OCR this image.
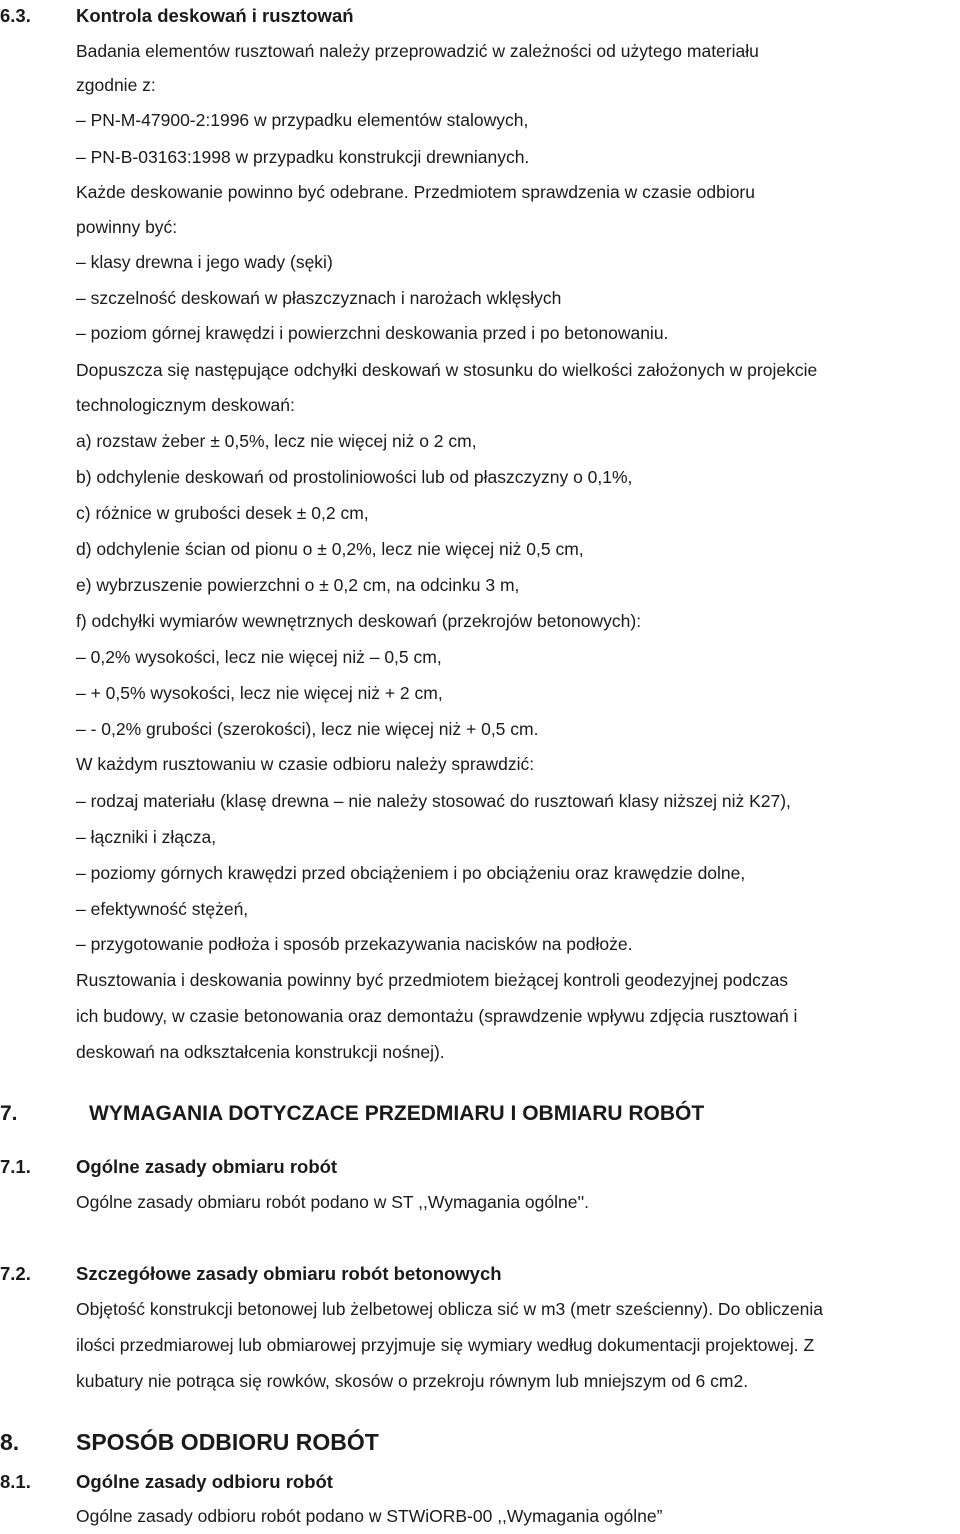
6.3. Kontrola deskowań i rusztowań
Badania elementów rusztowań należy przeprowadzić w zależności od użytego materiału
zgodnie z:
– PN-M-47900-2:1996 w przypadku elementów stalowych,
– PN-B-03163:1998 w przypadku konstrukcji drewnianych.
Każde deskowanie powinno być odebrane. Przedmiotem sprawdzenia w czasie odbioru
powinny być:
– klasy drewna i jego wady (sęki)
– szczelność deskowań w płaszczyznach i narożach wklęsłych
– poziom górnej krawędzi i powierzchni deskowania przed i po betonowaniu.
Dopuszcza się następujące odchyłki deskowań w stosunku do wielkości założonych w projekcie
technologicznym deskowań:
a) rozstaw żeber ± 0,5%, lecz nie więcej niż o 2 cm,
b) odchylenie deskowań od prostoliniowości lub od płaszczyzny o 0,1%,
c) różnice w grubości desek ± 0,2 cm,
d) odchylenie ścian od pionu o ± 0,2%, lecz nie więcej niż 0,5 cm,
e) wybrzuszenie powierzchni o ± 0,2 cm, na odcinku 3 m,
f) odchyłki wymiarów wewnętrznych deskowań (przekrojów betonowych):
– 0,2% wysokości, lecz nie więcej niż – 0,5 cm,
– + 0,5% wysokości, lecz nie więcej niż + 2 cm,
– - 0,2% grubości (szerokości), lecz nie więcej niż + 0,5 cm.
W każdym rusztowaniu w czasie odbioru należy sprawdzić:
– rodzaj materiału (klasę drewna – nie należy stosować do rusztowań klasy niższej niż K27),
– łączniki i złącza,
– poziomy górnych krawędzi przed obciążeniem i po obciążeniu oraz krawędzie dolne,
– efektywność stężeń,
– przygotowanie podłoża i sposób przekazywania nacisków na podłoże.
Rusztowania i deskowania powinny być przedmiotem bieżącej kontroli geodezyjnej podczas
ich budowy, w czasie betonowania oraz demontażu (sprawdzenie wpływu zdjęcia rusztowań i
deskowań na odkształcenia konstrukcji nośnej).
7.	WYMAGANIA DOTYCZACE PRZEDMIARU I OBMIARU ROBÓT
7.1. Ogólne zasady obmiaru robót
Ogólne zasady obmiaru robót podano w ST ,,Wymagania ogólne''.
7.2. Szczegółowe zasady obmiaru robót betonowych
Objętość konstrukcji betonowej lub żelbetowej oblicza sić w m3 (metr sześcienny). Do obliczenia
ilości przedmiarowej lub obmiarowej przyjmuje się wymiary według dokumentacji projektowej. Z
kubatury nie potrąca się rowków, skosów o przekroju równym lub mniejszym od 6 cm2.
8. SPOSÓB ODBIORU ROBÓT
8.1. Ogólne zasady odbioru robót
Ogólne zasady odbioru robót podano w STWiORB-00 ,,Wymagania ogólne”
